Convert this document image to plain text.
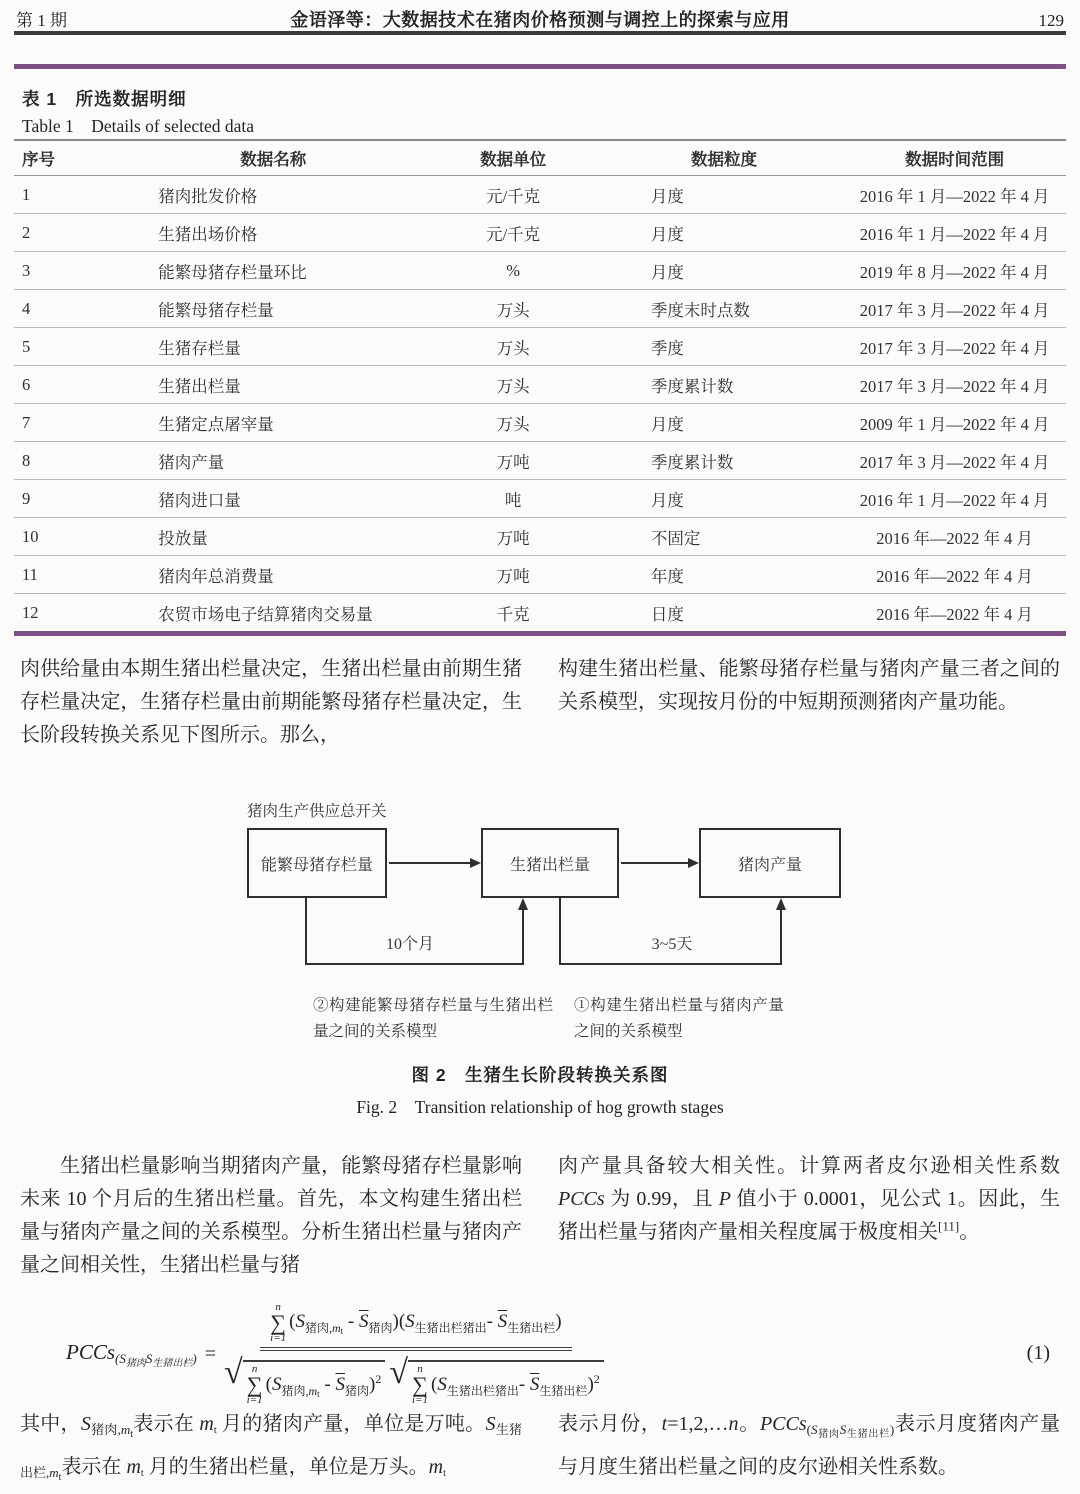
第 1 期	金语泽等：大数据技术在猪肉价格预测与调控上的探索与应用	129
表 1　所选数据明细
Table 1　Details of selected data
序号	数据名称	数据单位	数据粒度	数据时间范围
1	猪肉批发价格	元/千克	月度	2016 年 1 月—2022 年 4 月
2	生猪出场价格	元/千克	月度	2016 年 1 月—2022 年 4 月
3	能繁母猪存栏量环比	%	月度	2019 年 8 月—2022 年 4 月
4	能繁母猪存栏量	万头	季度末时点数	2017 年 3 月—2022 年 4 月
5	生猪存栏量	万头	季度	2017 年 3 月—2022 年 4 月
6	生猪出栏量	万头	季度累计数	2017 年 3 月—2022 年 4 月
7	生猪定点屠宰量	万头	月度	2009 年 1 月—2022 年 4 月
8	猪肉产量	万吨	季度累计数	2017 年 3 月—2022 年 4 月
9	猪肉进口量	吨	月度	2016 年 1 月—2022 年 4 月
10	投放量	万吨	不固定	2016 年—2022 年 4 月
11	猪肉年总消费量	万吨	年度	2016 年—2022 年 4 月
12	农贸市场电子结算猪肉交易量	千克	日度	2016 年—2022 年 4 月

肉供给量由本期生猪出栏量决定，生猪出栏量由前期生猪存栏量决定，生猪存栏量由前期能繁母猪存栏量决定，生长阶段转换关系见下图所示。那么，

构建生猪出栏量、能繁母猪存栏量与猪肉产量三者之间的关系模型，实现按月份的中短期预测猪肉产量功能。

猪肉生产供应总开关
能繁母猪存栏量	生猪出栏量	猪肉产量
10个月	3~5天
②构建能繁母猪存栏量与生猪出栏量之间的关系模型
①构建生猪出栏量与猪肉产量之间的关系模型
图 2　生猪生长阶段转换关系图
Fig. 2　Transition relationship of hog growth stages

生猪出栏量影响当期猪肉产量，能繁母猪存栏量影响未来 10 个月后的生猪出栏量。首先，本文构建生猪出栏量与猪肉产量之间的关系模型。分析生猪出栏量与猪肉产量之间相关性，生猪出栏量与猪

肉产量具备较大相关性。计算两者皮尔逊相关性系数 PCCs 为 0.99，且 P 值小于 0.0001，见公式 1。因此，生猪出栏量与猪肉产量相关程度属于极度相关[11]。

$PCCs(S_{猪肉}S_{生猪出栏}) = n$
∑
i=1
$(S_{猪肉,mt} - \overline{S}_{猪肉})(S_{生猪出栏猪出}-$ $\overline{S}_{生猪出栏}$)
√ n
∑
i=1
$(S_{猪肉,mt} - \overline{S}_{猪肉})^2$ √ n
∑
i=1
($S_{生猪出栏猪出}-$ $\overline{S}_{生猪出栏})^2$	(1)

其中，$S_{猪肉,m_t}$表示在 mt 月的猪肉产量，单位是万吨。$S_{生猪出栏,m_t}$表示在 mt 月的生猪出栏量，单位是万头。mt

表示月份，t=1,2,…n。PCCs$_{(S_{猪肉}S_{生猪出栏})}$表示月度猪肉产量与月度生猪出栏量之间的皮尔逊相关性系数。
